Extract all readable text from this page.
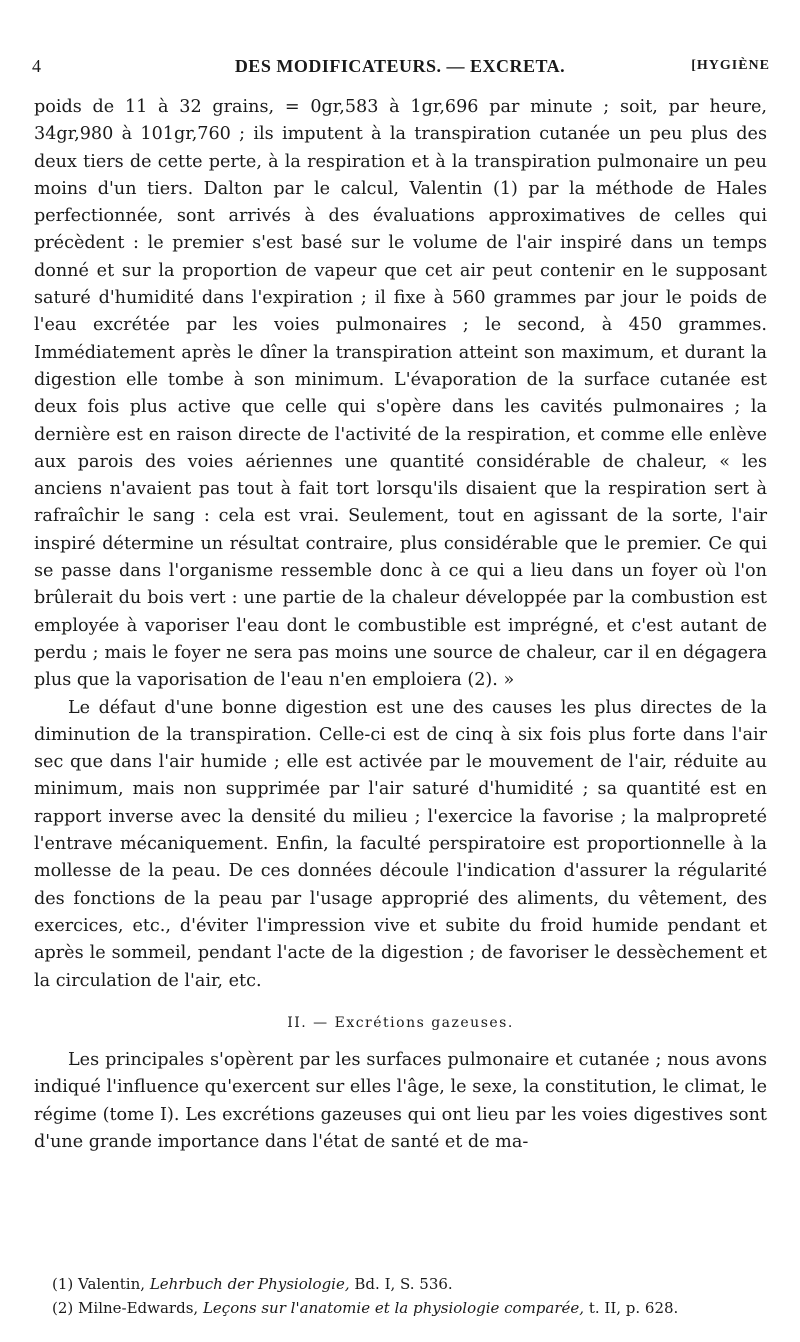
4	DES MODIFICATEURS. — EXCRETA.	[HYGIÈNE

poids de 11 à 32 grains, = 0gr,583 à 1gr,696 par minute ; soit, par heure, 34gr,980 à 101gr,760 ; ils imputent à la transpiration cutanée un peu plus des deux tiers de cette perte, à la respiration et à la transpiration pulmonaire un peu moins d'un tiers. Dalton par le calcul, Valentin (1) par la méthode de Hales perfectionnée, sont arrivés à des évaluations approximatives de celles qui précèdent : le premier s'est basé sur le volume de l'air inspiré dans un temps donné et sur la proportion de vapeur que cet air peut contenir en le supposant saturé d'humidité dans l'expiration ; il fixe à 560 grammes par jour le poids de l'eau excrétée par les voies pulmonaires ; le second, à 450 grammes. Immédiatement après le dîner la transpiration atteint son maximum, et durant la digestion elle tombe à son minimum. L'évaporation de la surface cutanée est deux fois plus active que celle qui s'opère dans les cavités pulmonaires ; la dernière est en raison directe de l'activité de la respiration, et comme elle enlève aux parois des voies aériennes une quantité considérable de chaleur, « les anciens n'avaient pas tout à fait tort lorsqu'ils disaient que la respiration sert à rafraîchir le sang : cela est vrai. Seulement, tout en agissant de la sorte, l'air inspiré détermine un résultat contraire, plus considérable que le premier. Ce qui se passe dans l'organisme ressemble donc à ce qui a lieu dans un foyer où l'on brûlerait du bois vert : une partie de la chaleur développée par la combustion est employée à vaporiser l'eau dont le combustible est imprégné, et c'est autant de perdu ; mais le foyer ne sera pas moins une source de chaleur, car il en dégagera plus que la vaporisation de l'eau n'en emploiera (2). »

Le défaut d'une bonne digestion est une des causes les plus directes de la diminution de la transpiration. Celle-ci est de cinq à six fois plus forte dans l'air sec que dans l'air humide ; elle est activée par le mouvement de l'air, réduite au minimum, mais non supprimée par l'air saturé d'humidité ; sa quantité est en rapport inverse avec la densité du milieu ; l'exercice la favorise ; la malpropreté l'entrave mécaniquement. Enfin, la faculté perspiratoire est proportionnelle à la mollesse de la peau. De ces données découle l'indication d'assurer la régularité des fonctions de la peau par l'usage approprié des aliments, du vêtement, des exercices, etc., d'éviter l'impression vive et subite du froid humide pendant et après le sommeil, pendant l'acte de la digestion ; de favoriser le dessèchement et la circulation de l'air, etc.

II. — Excrétions gazeuses.

Les principales s'opèrent par les surfaces pulmonaire et cutanée ; nous avons indiqué l'influence qu'exercent sur elles l'âge, le sexe, la constitution, le climat, le régime (tome I). Les excrétions gazeuses qui ont lieu par les voies digestives sont d'une grande importance dans l'état de santé et de ma-

(1) Valentin, Lehrbuch der Physiologie, Bd. I, S. 536.

(2) Milne-Edwards, Leçons sur l'anatomie et la physiologie comparée, t. II, p. 628.
